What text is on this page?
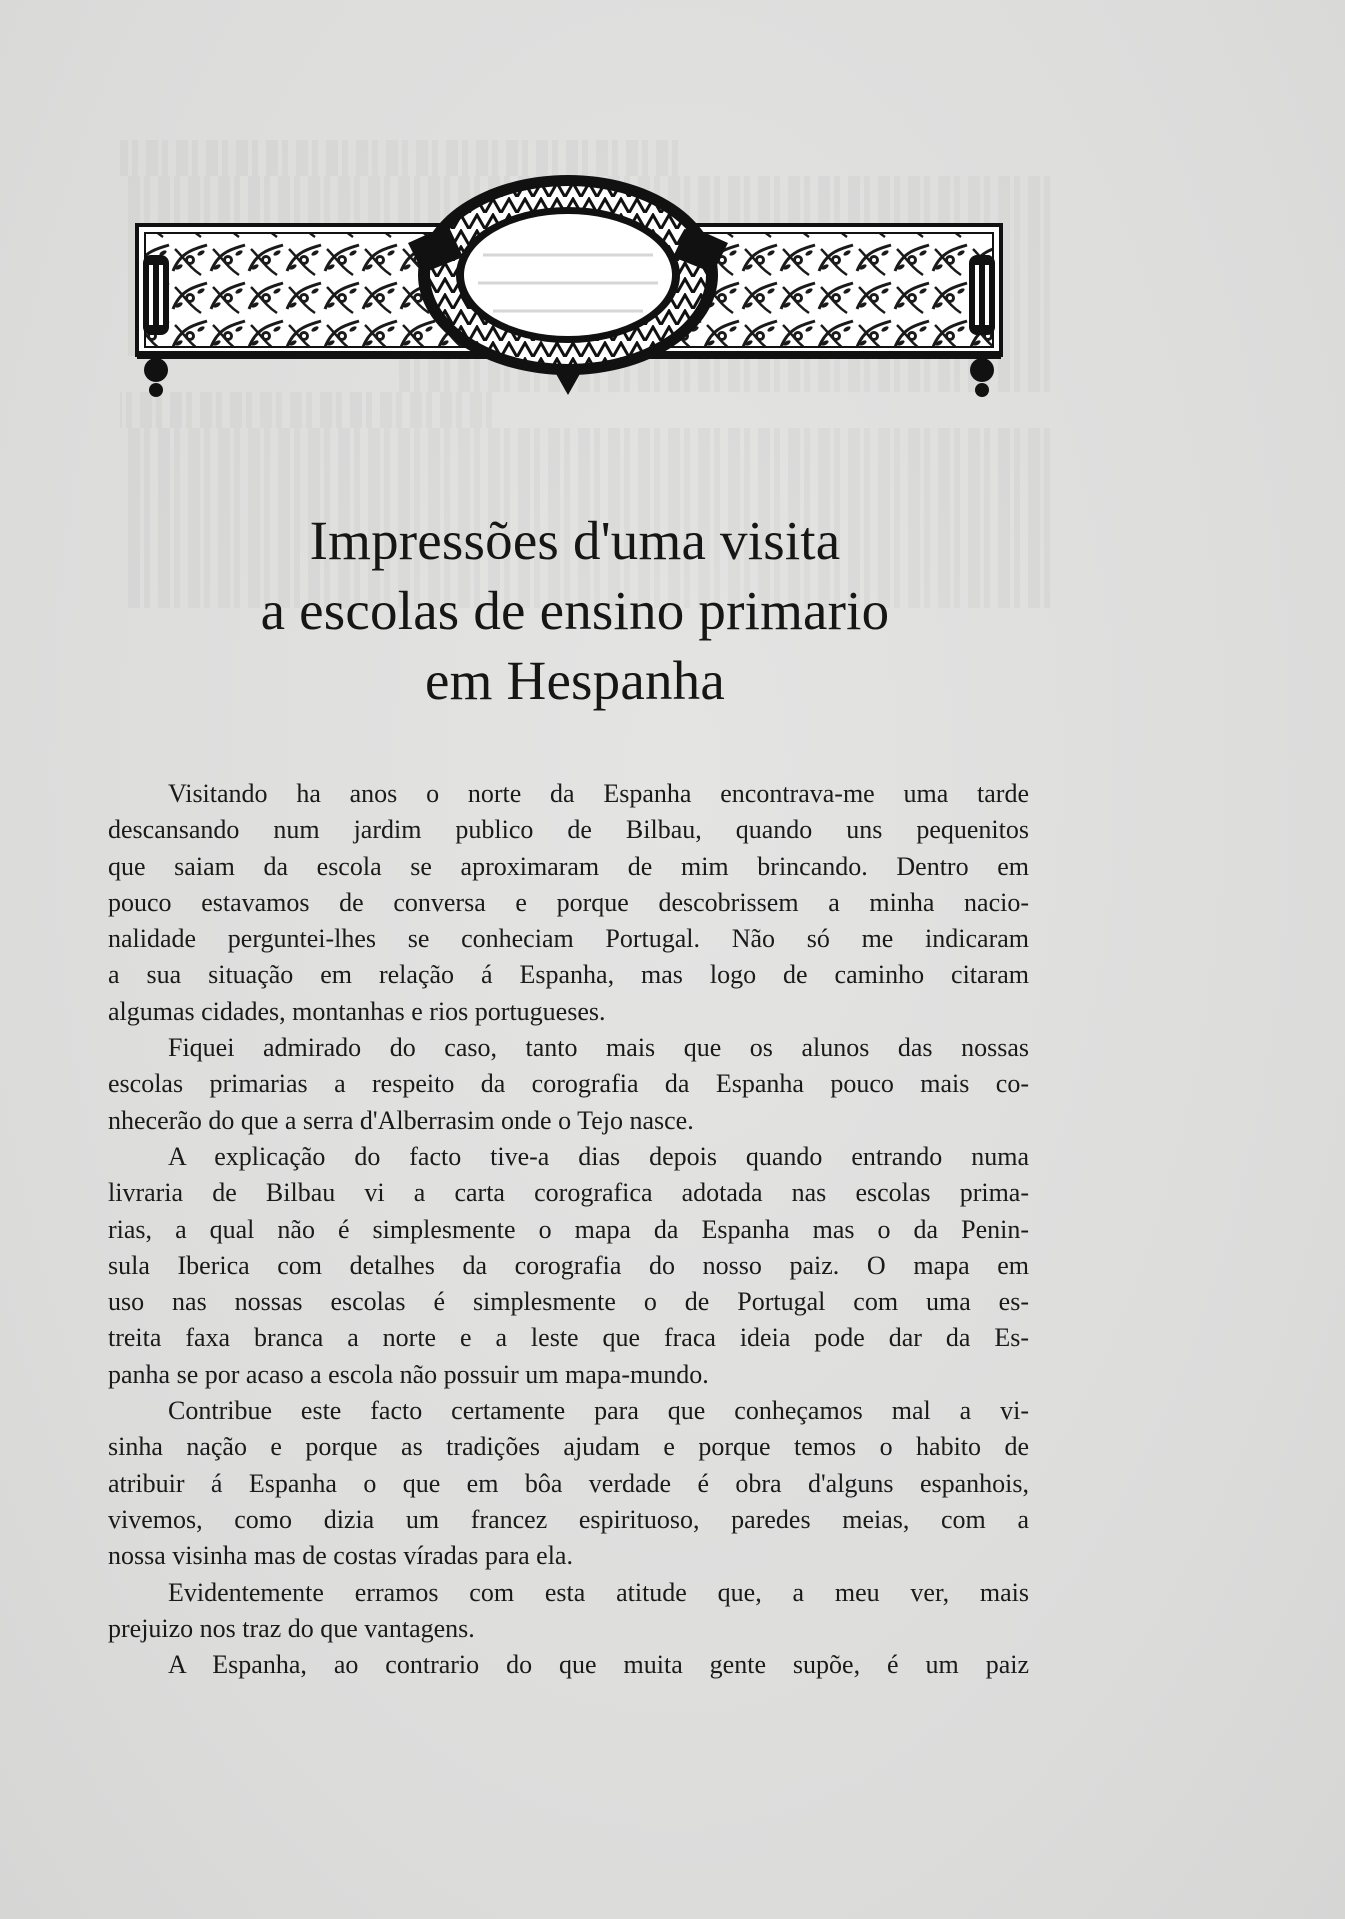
Impressões d'uma visita
a escolas de ensino primario
em Hespanha
Visitando ha anos o norte da Espanha encontrava-me uma tarde
descansando num jardim publico de Bilbau, quando uns pequenitos
que saiam da escola se aproximaram de mim brincando. Dentro em
pouco estavamos de conversa e porque descobrissem a minha nacio-
nalidade perguntei-lhes se conheciam Portugal. Não só me indicaram
a sua situação em relação á Espanha, mas logo de caminho citaram
algumas cidades, montanhas e rios portugueses.
Fiquei admirado do caso, tanto mais que os alunos das nossas
escolas primarias a respeito da corografia da Espanha pouco mais co-
nhecerão do que a serra d'Alberrasim onde o Tejo nasce.
A explicação do facto tive-a dias depois quando entrando numa
livraria de Bilbau vi a carta corografica adotada nas escolas prima-
rias, a qual não é simplesmente o mapa da Espanha mas o da Penin-
sula Iberica com detalhes da corografia do nosso paiz. O mapa em
uso nas nossas escolas é simplesmente o de Portugal com uma es-
treita faxa branca a norte e a leste que fraca ideia pode dar da Es-
panha se por acaso a escola não possuir um mapa-mundo.
Contribue este facto certamente para que conheçamos mal a vi-
sinha nação e porque as tradições ajudam e porque temos o habito de
atribuir á Espanha o que em bôa verdade é obra d'alguns espanhois,
vivemos, como dizia um francez espirituoso, paredes meias, com a
nossa visinha mas de costas víradas para ela.
Evidentemente erramos com esta atitude que, a meu ver, mais
prejuizo nos traz do que vantagens.
A Espanha, ao contrario do que muita gente supõe, é um paiz
